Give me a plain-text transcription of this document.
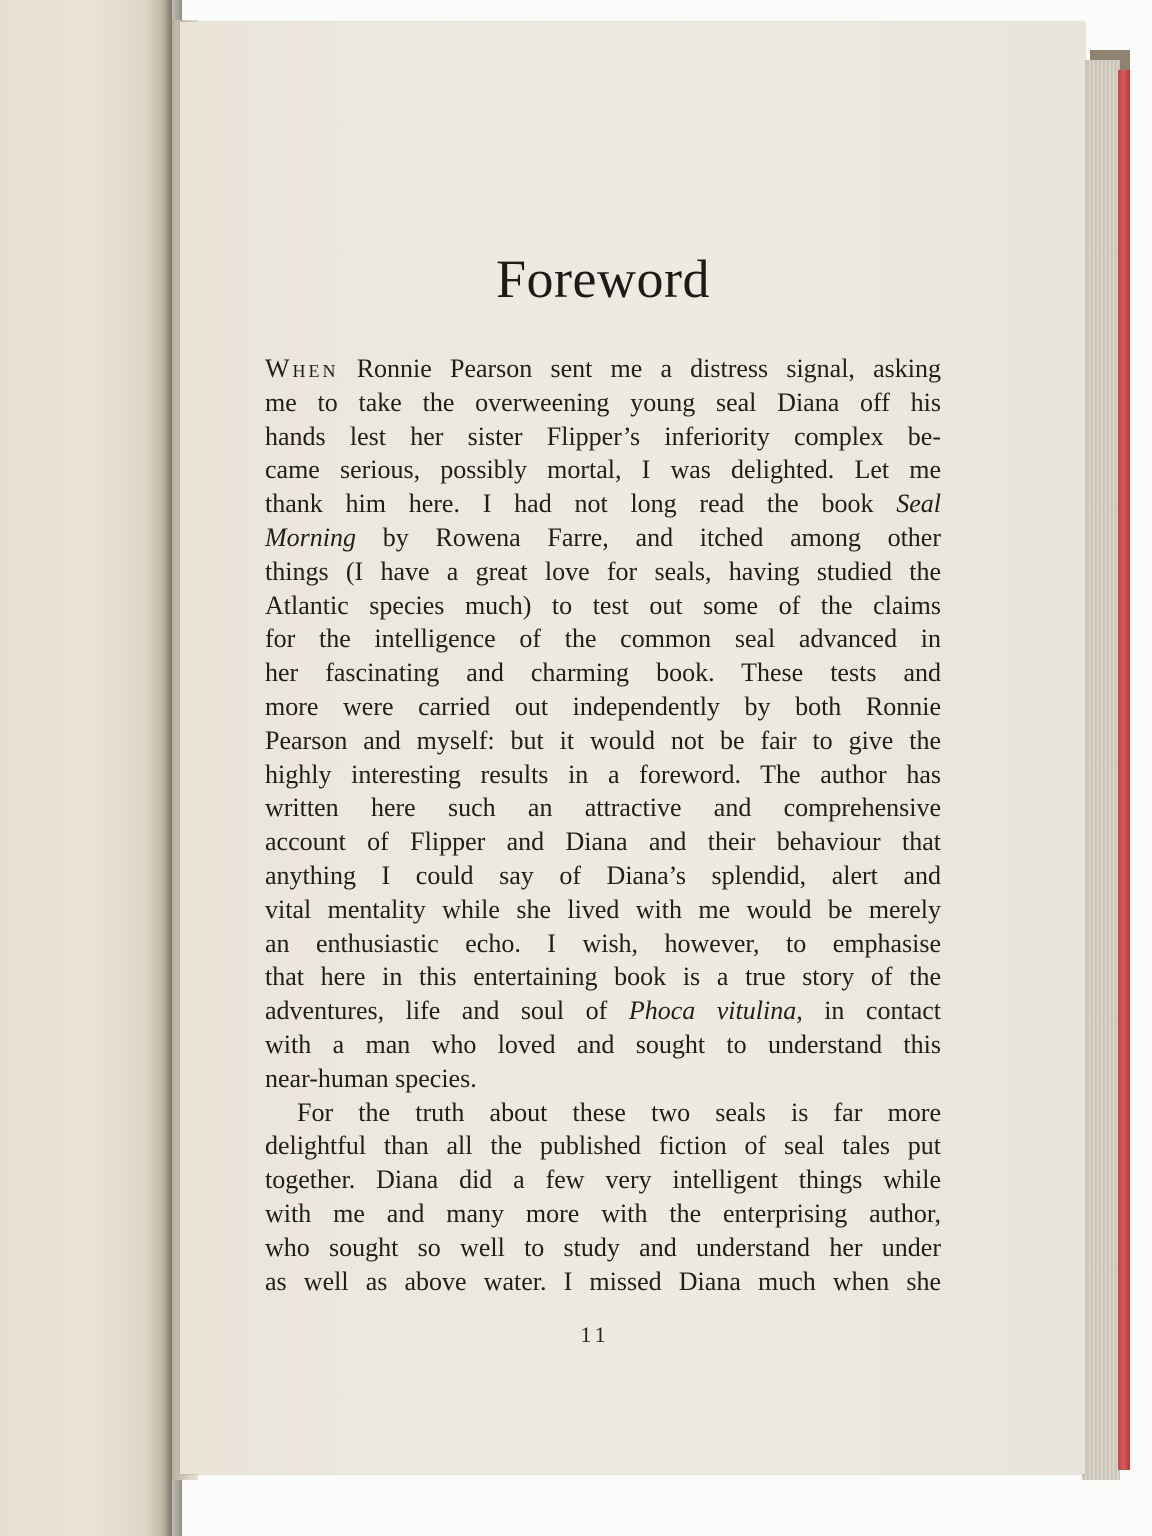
Foreword
WHEN Ronnie Pearson sent me a distress signal, asking
me to take the overweening young seal Diana off his
hands lest her sister Flipper’s inferiority complex be-
came serious, possibly mortal, I was delighted. Let me
thank him here. I had not long read the book Seal
Morning by Rowena Farre, and itched among other
things (I have a great love for seals, having studied the
Atlantic species much) to test out some of the claims
for the intelligence of the common seal advanced in
her fascinating and charming book. These tests and
more were carried out independently by both Ronnie
Pearson and myself: but it would not be fair to give the
highly interesting results in a foreword. The author has
written here such an attractive and comprehensive
account of Flipper and Diana and their behaviour that
anything I could say of Diana’s splendid, alert and
vital mentality while she lived with me would be merely
an enthusiastic echo. I wish, however, to emphasise
that here in this entertaining book is a true story of the
adventures, life and soul of Phoca vitulina, in contact
with a man who loved and sought to understand this
near-human species.
For the truth about these two seals is far more
delightful than all the published fiction of seal tales put
together. Diana did a few very intelligent things while
with me and many more with the enterprising author,
who sought so well to study and understand her under
as well as above water. I missed Diana much when she
11
